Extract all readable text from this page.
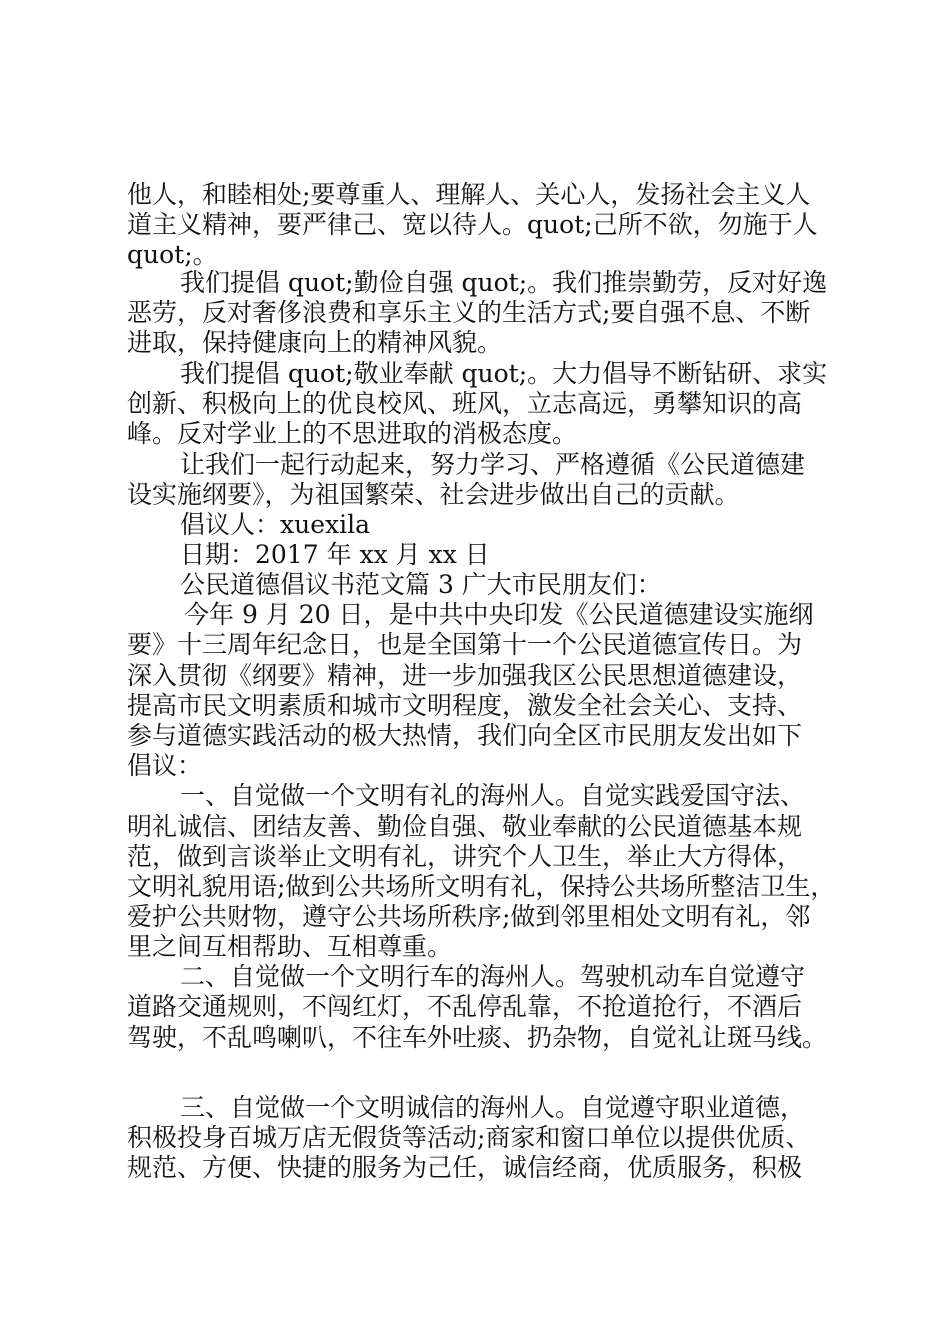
他人，和睦相处;要尊重人、理解人、关心人，发扬社会主义人

道主义精神，要严律己、宽以待人。quot;己所不欲，勿施于人

quot;。

我们提倡 quot;勤俭自强 quot;。我们推崇勤劳，反对好逸

恶劳，反对奢侈浪费和享乐主义的生活方式;要自强不息、不断

进取，保持健康向上的精神风貌。

我们提倡 quot;敬业奉献 quot;。大力倡导不断钻研、求实

创新、积极向上的优良校风、班风，立志高远，勇攀知识的高

峰。反对学业上的不思进取的消极态度。

让我们一起行动起来，努力学习、严格遵循《公民道德建

设实施纲要》，为祖国繁荣、社会进步做出自己的贡献。

倡议人：xuexila

日期：2017 年 xx 月 xx 日

公民道德倡议书范文篇 3 广大市民朋友们：

今年 9 月 20 日，是中共中央印发《公民道德建设实施纲

要》十三周年纪念日，也是全国第十一个公民道德宣传日。为

深入贯彻《纲要》精神，进一步加强我区公民思想道德建设，

提高市民文明素质和城市文明程度，激发全社会关心、支持、

参与道德实践活动的极大热情，我们向全区市民朋友发出如下

倡议：

一、自觉做一个文明有礼的海州人。自觉实践爱国守法、

明礼诚信、团结友善、勤俭自强、敬业奉献的公民道德基本规

范，做到言谈举止文明有礼，讲究个人卫生，举止大方得体，

文明礼貌用语;做到公共场所文明有礼，保持公共场所整洁卫生，

爱护公共财物，遵守公共场所秩序;做到邻里相处文明有礼，邻

里之间互相帮助、互相尊重。

二、自觉做一个文明行车的海州人。驾驶机动车自觉遵守

道路交通规则，不闯红灯，不乱停乱靠，不抢道抢行，不酒后

驾驶，不乱鸣喇叭，不往车外吐痰、扔杂物，自觉礼让斑马线。

三、自觉做一个文明诚信的海州人。自觉遵守职业道德，

积极投身百城万店无假货等活动;商家和窗口单位以提供优质、

规范、方便、快捷的服务为己任，诚信经商，优质服务，积极
